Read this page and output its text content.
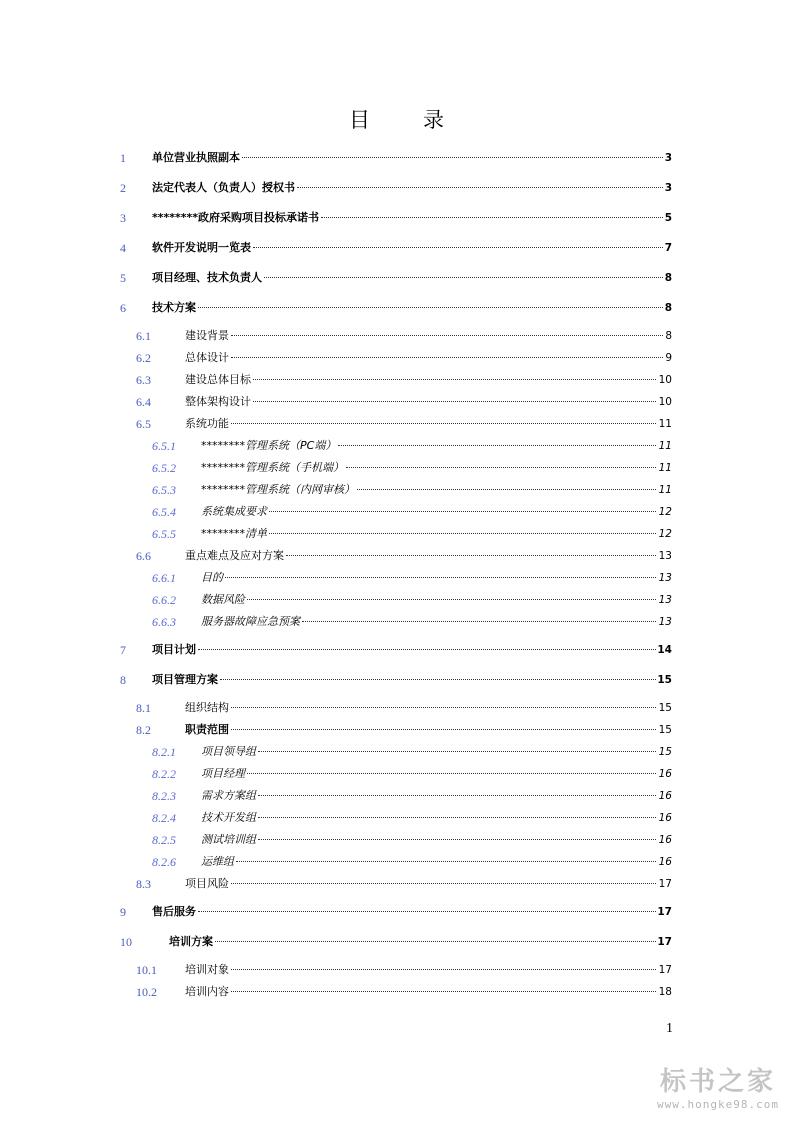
目　录
1 单位营业执照副本	3
2 法定代表人（负责人）授权书	3
3 ********政府采购项目投标承诺书	5
4 软件开发说明一览表	7
5 项目经理、技术负责人	8
6 技术方案	8
6.1	建设背景	8
6.2	总体设计	9
6.3	建设总体目标	10
6.4	整体架构设计	10
6.5	系统功能	11
6.5.1 ********管理系统（PC端）	11
6.5.2 ********管理系统（手机端）	11
6.5.3 ********管理系统（内网审核）	11
6.5.4 系统集成要求	12
6.5.5 ********清单	12
6.6	重点难点及应对方案	13
6.6.1 目的	13
6.6.2 数据风险	13
6.6.3 服务器故障应急预案	13
7 项目计划	14
8 项目管理方案	15
8.1	组织结构	15
8.2	职责范围	15
8.2.1 项目领导组	15
8.2.2 项目经理	16
8.2.3 需求方案组	16
8.2.4 技术开发组	16
8.2.5 测试培训组	16
8.2.6 运维组	16
8.3	项目风险	17
9 售后服务	17
10	培训方案	17
10.1	培训对象	17
10.2	培训内容	18
1
标书之家
www.hongke98.com
